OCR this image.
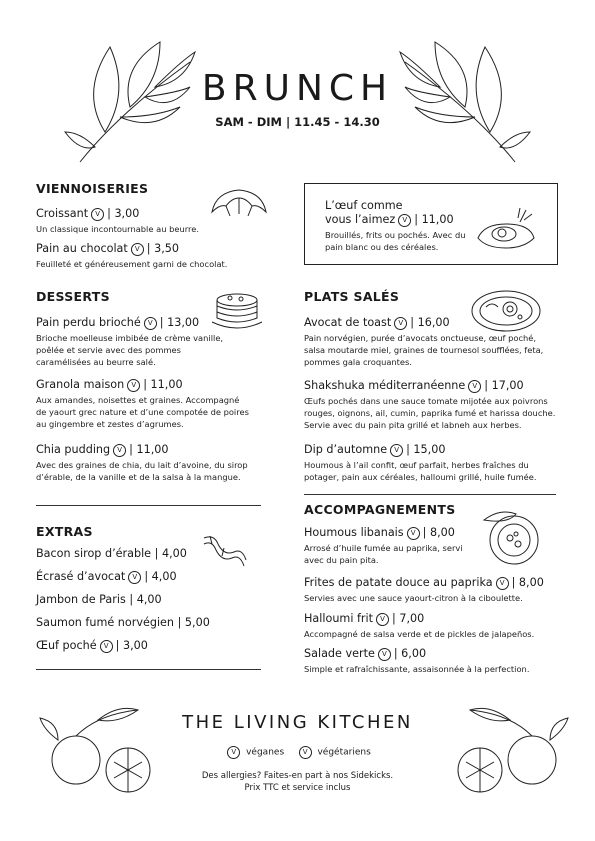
BRUNCH
SAM - DIM | 11.45 - 14.30
VIENNOISERIES
Croissant V | 3,00
Un classique incontournable au beurre.
Pain au chocolat V | 3,50
Feuilleté et généreusement garni de chocolat.
L’œuf comme
vous l’aimez V | 11,00
Brouillés, frits ou pochés. Avec du pain blanc ou des céréales.
DESSERTS
Pain perdu brioché V | 13,00
Brioche moelleuse imbibée de crème vanille, poêlée et servie avec des pommes caramélisées au beurre salé.
Granola maison V | 11,00
Aux amandes, noisettes et graines. Accompagné de yaourt grec nature et d’une compotée de poires au gingembre et zestes d’agrumes.
Chia pudding V | 11,00
Avec des graines de chia, du lait d’avoine, du sirop d’érable, de la vanille et de la salsa à la mangue.
EXTRAS
Bacon sirop d’érable | 4,00
Écrasé d’avocat V | 4,00
Jambon de Paris | 4,00
Saumon fumé norvégien | 5,00
Œuf poché V | 3,00
PLATS SALÉS
Avocat de toast V | 16,00
Pain norvégien, purée d’avocats onctueuse, œuf poché, salsa moutarde miel, graines de tournesol soufflées, feta, pommes gala croquantes.
Shakshuka méditerranéenne V | 17,00
Œufs pochés dans une sauce tomate mijotée aux poivrons rouges, oignons, ail, cumin, paprika fumé et harissa douche. Servie avec du pain pita grillé et labneh aux herbes.
Dip d’automne V | 15,00
Houmous à l’ail confit, œuf parfait, herbes fraîches du potager, pain aux céréales, halloumi grillé, huile fumée.
ACCOMPAGNEMENTS
Houmous libanais V | 8,00
Arrosé d’huile fumée au paprika, servi avec du pain pita.
Frites de patate douce au paprika V | 8,00
Servies avec une sauce yaourt-citron à la ciboulette.
Halloumi frit V | 7,00
Accompagné de salsa verde et de pickles de jalapeños.
Salade verte V | 6,00
Simple et rafraîchissante, assaisonnée à la perfection.
THE LIVING KITCHEN
V véganes	V végétariens
Des allergies? Faites-en part à nos Sidekicks.
Prix TTC et service inclus
